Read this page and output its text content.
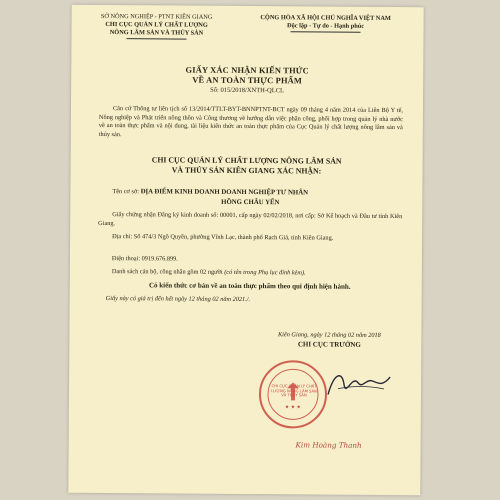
SỞ NÔNG NGHIỆP - PTNT KIÊN GIANG
CHI CỤC QUẢN LÝ CHẤT LƯỢNG
NÔNG LÂM SẢN VÀ THỦY SẢN
CỘNG HÒA XÃ HỘI CHỦ NGHĨA VIỆT NAM
Độc lập - Tự do - Hạnh phúc
GIẤY XÁC NHẬN KIẾN THỨC
VỀ AN TOÀN THỰC PHẨM
Số: 015/2018/XNTH-QLCL
Căn cứ Thông tư liên tịch số 13/2014/TTLT-BYT-BNNPTNT-BCT ngày 09 tháng 4 năm 2014 của Liên Bộ Y tế, Nông nghiệp và Phát triển nông thôn và Công thương về hướng dẫn việc phân công, phối hợp trong quản lý nhà nước về an toàn thực phẩm và nội dung, tài liệu kiến thức an toàn thực phẩm của Cục Quản lý chất lượng nông lâm sản và thủy sản.
CHI CỤC QUẢN LÝ CHẤT LƯỢNG NÔNG LÂM SẢN
VÀ THỦY SẢN KIÊN GIANG XÁC NHẬN:
Tên cơ sở: ĐỊA ĐIỂM KINH DOANH DOANH NGHIỆP TƯ NHÂN
HỒNG CHÂU YẾN
Giấy chứng nhận Đăng ký kinh doanh số: 00001, cấp ngày 02/02/2018, nơi cấp: Sở Kế hoạch và Đầu tư tỉnh Kiên Giang.
Địa chỉ: Số 474/3 Ngô Quyền, phường Vĩnh Lạc, thành phố Rạch Giá, tỉnh Kiên Giang.
Điện thoại: 0919.676.899.
Danh sách cán bộ, công nhân gồm 02 người (có tên trong Phụ lục đính kèm).
Có kiến thức cơ bản về an toàn thực phẩm theo qui định hiện hành.
Giấy này có giá trị đến hết ngày 12 tháng 02 năm 2021./.
Kiên Giang, ngày 12 tháng 02 năm 2018
CHI CỤC TRƯỞNG
★ ★ ★
CHI CỤC QUẢN LÝ CHẤT LƯỢNG NÔNG LÂM SẢN VÀ THỦY SẢN
Kim Hoàng Thanh
